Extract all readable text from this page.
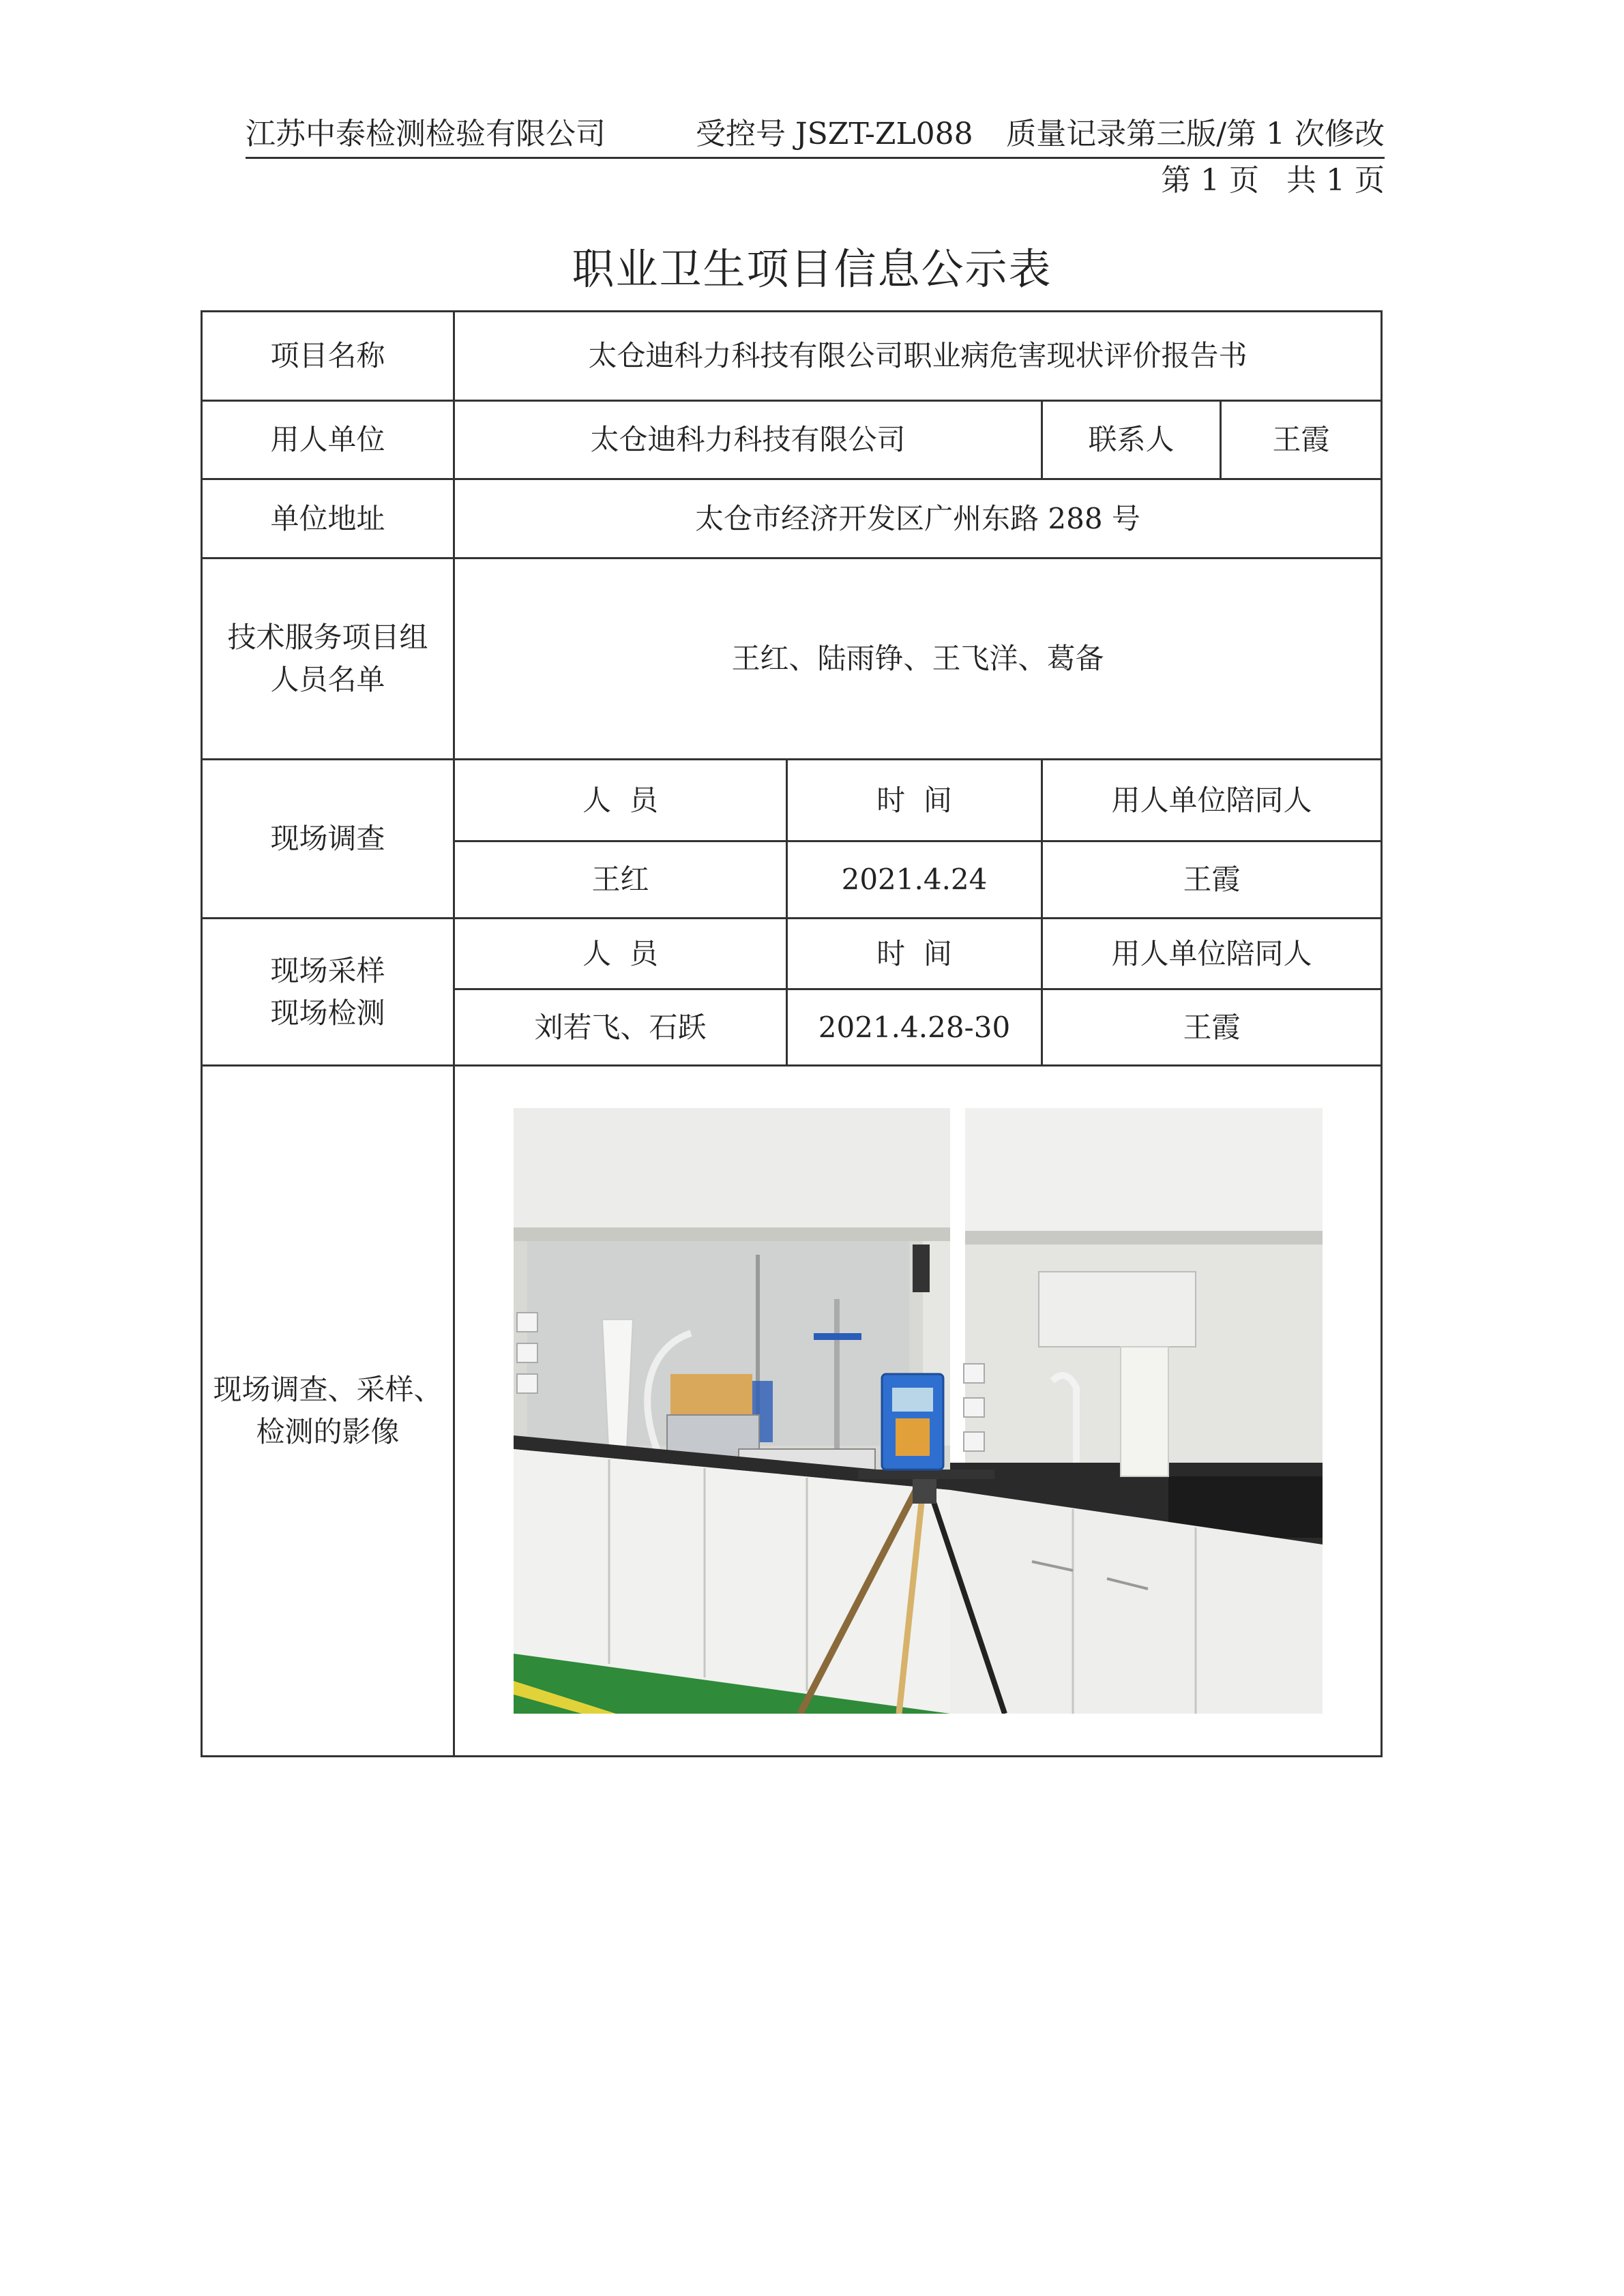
江苏中泰检测检验有限公司	受控号 JSZT-ZL088 质量记录第三版/第 1 次修改
第 1 页 共 1 页
职业卫生项目信息公示表
项目名称	太仓迪科力科技有限公司职业病危害现状评价报告书			
用人单位	太仓迪科力科技有限公司		联系人	王霞
单位地址	太仓市经济开发区广州东路 288 号			

技术服务项目组
人员名单	王红、陆雨铮、王飞洋、葛备			
现场调查	人  员	时  间	用人单位陪同人	
	王红	2021.4.24	王霞	

现场采样
现场检测	人  员	时  间	用人单位陪同人	
	刘若飞、石跃	2021.4.28-30	王霞	

现场调查、采样、
检测的影像
